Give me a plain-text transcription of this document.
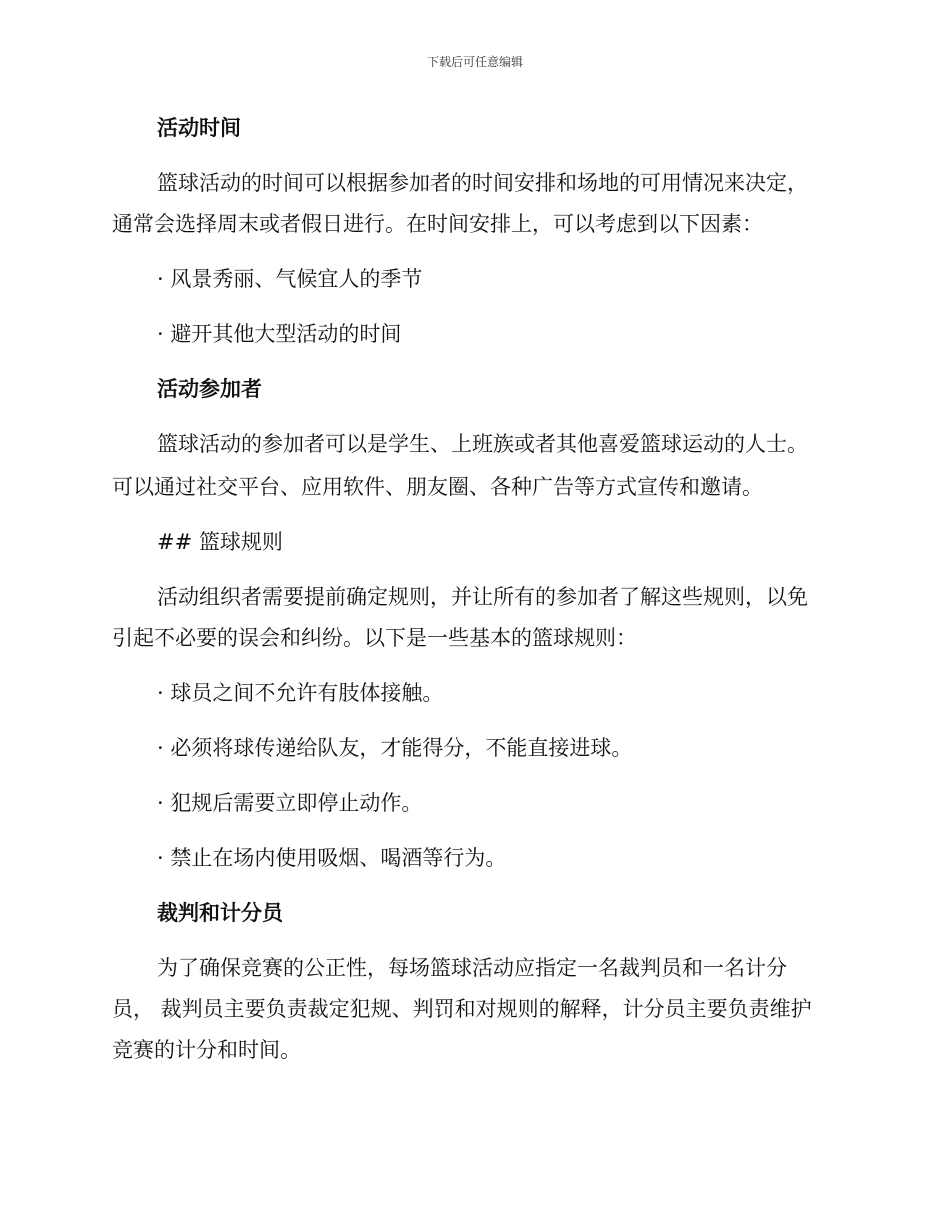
下载后可任意编辑
活动时间
篮球活动的时间可以根据参加者的时间安排和场地的可用情况来决定，
通常会选择周末或者假日进行。在时间安排上，可以考虑到以下因素：
· 风景秀丽、气候宜人的季节
· 避开其他大型活动的时间
活动参加者
篮球活动的参加者可以是学生、上班族或者其他喜爱篮球运动的人士。
可以通过社交平台、应用软件、朋友圈、各种广告等方式宣传和邀请。
## 篮球规则
活动组织者需要提前确定规则，并让所有的参加者了解这些规则，以免
引起不必要的误会和纠纷。以下是一些基本的篮球规则：
· 球员之间不允许有肢体接触。
· 必须将球传递给队友，才能得分，不能直接进球。
· 犯规后需要立即停止动作。
· 禁止在场内使用吸烟、喝酒等行为。
裁判和计分员
为了确保竞赛的公正性，每场篮球活动应指定一名裁判员和一名计分
员， 裁判员主要负责裁定犯规、判罚和对规则的解释，计分员主要负责维护
竞赛的计分和时间。
